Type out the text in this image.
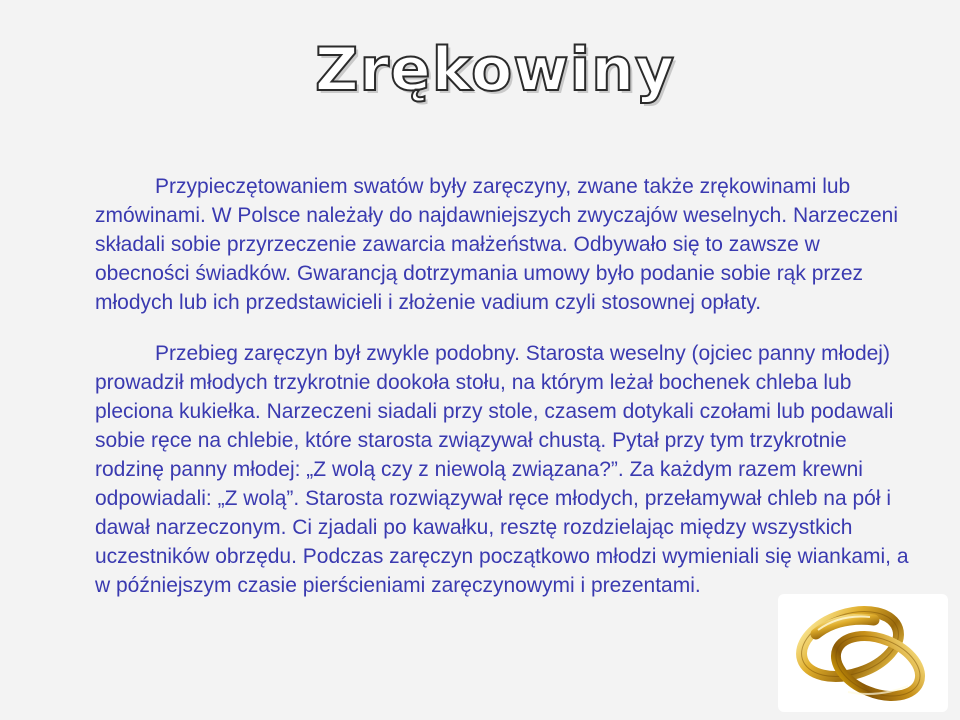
Zrękowiny
Przypieczętowaniem swatów były zaręczyny, zwane także zrękowinami lub zmówinami. W Polsce należały do najdawniejszych zwyczajów weselnych. Narzeczeni składali sobie przyrzeczenie zawarcia małżeństwa. Odbywało się to zawsze w obecności świadków. Gwarancją dotrzymania umowy było podanie sobie rąk przez młodych lub ich przedstawicieli i złożenie vadium czyli stosownej opłaty.
Przebieg zaręczyn był zwykle podobny. Starosta weselny (ojciec panny młodej) prowadził młodych trzykrotnie dookoła stołu, na którym leżał bochenek chleba lub pleciona kukiełka. Narzeczeni siadali przy stole, czasem dotykali czołami lub podawali sobie ręce na chlebie, które starosta związywał chustą. Pytał przy tym trzykrotnie rodzinę panny młodej: „Z wolą czy z niewolą związana?”. Za każdym razem krewni odpowiadali: „Z wolą”. Starosta rozwiązywał ręce młodych, przełamywał chleb na pół i dawał narzeczonym. Ci zjadali po kawałku, resztę rozdzielając między wszystkich uczestników obrzędu. Podczas zaręczyn początkowo młodzi wymieniali się wiankami, a w późniejszym czasie pierścieniami zaręczynowymi i prezentami.
